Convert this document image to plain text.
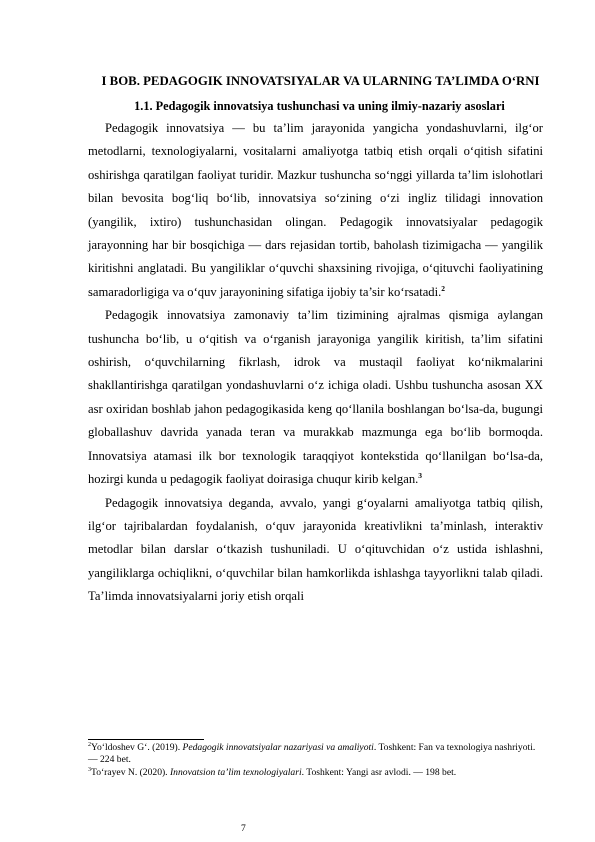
I BOB. PEDAGOGIK INNOVATSIYALAR VA ULARNING TA’LIMDA O‘RNI
1.1. Pedagogik innovatsiya tushunchasi va uning ilmiy-nazariy asoslari

Pedagogik innovatsiya — bu ta’lim jarayonida yangicha yondashuvlarni, ilg‘or metodlarni, texnologiyalarni, vositalarni amaliyotga tatbiq etish orqali o‘qitish sifatini oshirishga qaratilgan faoliyat turidir. Mazkur tushuncha so‘nggi yillarda ta’lim islohotlari bilan bevosita bog‘liq bo‘lib, innovatsiya so‘zining o‘zi ingliz tilidagi innovation (yangilik, ixtiro) tushunchasidan olingan. Pedagogik innovatsiyalar pedagogik jarayonning har bir bosqichiga — dars rejasidan tortib, baholash tizimigacha — yangilik kiritishni anglatadi. Bu yangiliklar o‘quvchi shaxsining rivojiga, o‘qituvchi faoliyatining samaradorligiga va o‘quv jarayonining sifatiga ijobiy ta’sir ko‘rsatadi.$^2$

Pedagogik innovatsiya zamonaviy ta’lim tizimining ajralmas qismiga aylangan tushuncha bo‘lib, u o‘qitish va o‘rganish jarayoniga yangilik kiritish, ta’lim sifatini oshirish, o‘quvchilarning fikrlash, idrok va mustaqil faoliyat ko‘nikmalarini shakllantirishga qaratilgan yondashuvlarni o‘z ichiga oladi. Ushbu tushuncha asosan XX asr oxiridan boshlab jahon pedagogikasida keng qo‘llanila boshlangan bo‘lsa-da, bugungi globallashuv davrida yanada teran va murakkab mazmunga ega bo‘lib bormoqda. Innovatsiya atamasi ilk bor texnologik taraqqiyot kontekstida qo‘llanilgan bo‘lsa-da, hozirgi kunda u pedagogik faoliyat doirasiga chuqur kirib kelgan.$^3$

Pedagogik innovatsiya deganda, avvalo, yangi g‘oyalarni amaliyotga tatbiq qilish, ilg‘or tajribalardan foydalanish, o‘quv jarayonida kreativlikni ta’minlash, interaktiv metodlar bilan darslar o‘tkazish tushuniladi. U o‘qituvchidan o‘z ustida ishlashni, yangiliklarga ochiqlikni, o‘quvchilar bilan hamkorlikda ishlashga tayyorlikni talab qiladi. Ta’limda innovatsiyalarni joriy etish orqali

$^2$Yo‘ldoshev G‘. (2019). Pedagogik innovatsiyalar nazariyasi va amaliyoti. Toshkent: Fan va texnologiya nashriyoti. — 224 bet.

$^3$To‘rayev N. (2020). Innovatsion ta’lim texnologiyalari. Toshkent: Yangi asr avlodi. — 198 bet.

7
